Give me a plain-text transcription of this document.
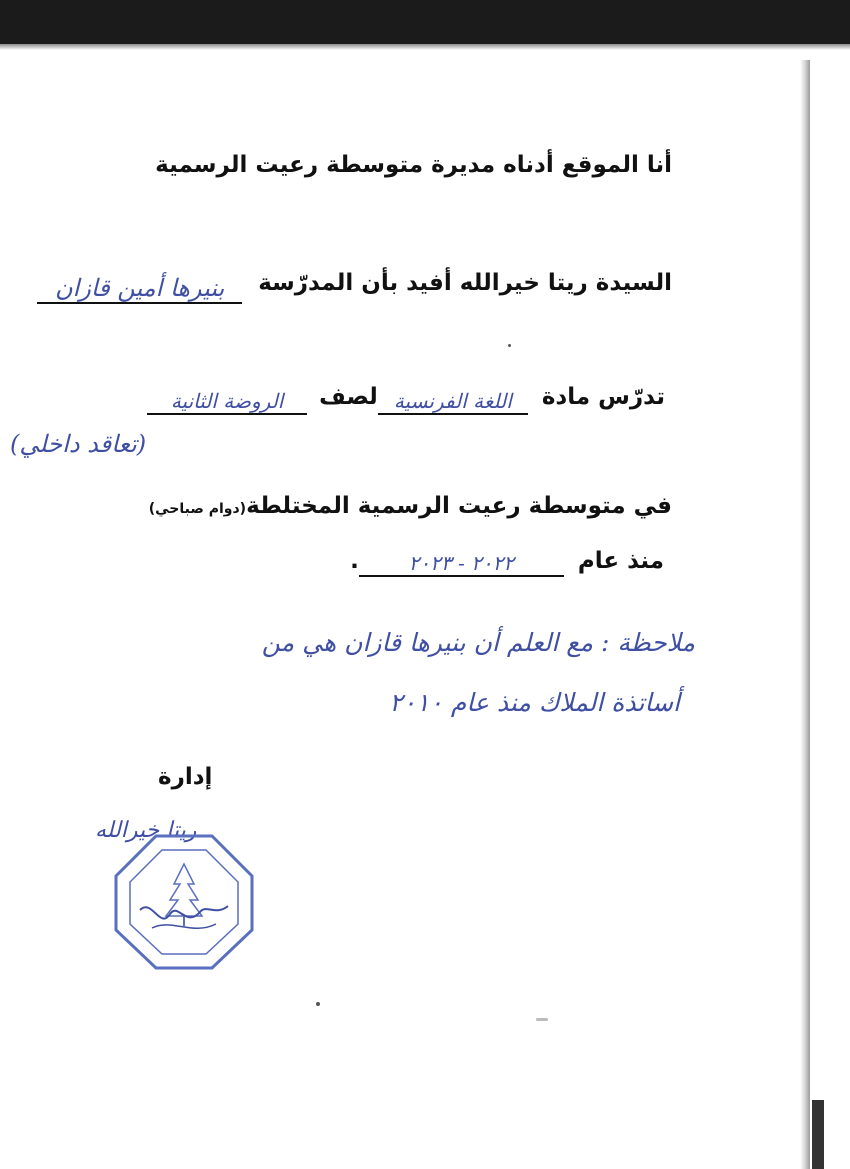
أنا الموقع أدناه مديرة متوسطة رعيت الرسمية
السيدة ريتا خيرالله أفيد بأن المدرّسة بنيرها أمين قازان
تدرّس مادة اللغة الفرنسيةلصف الروضة الثانية
(تعاقد داخلي)
في متوسطة رعيت الرسمية المختلطة(دوام صباحي)
منذ عام ٢٠٢٢ - ٢٠٢٣.
ملاحظة : مع العلم أن بنيرها قازان هي من
أساتذة الملاك منذ عام ٢٠١٠
إدارة
ريتا خيرالله
